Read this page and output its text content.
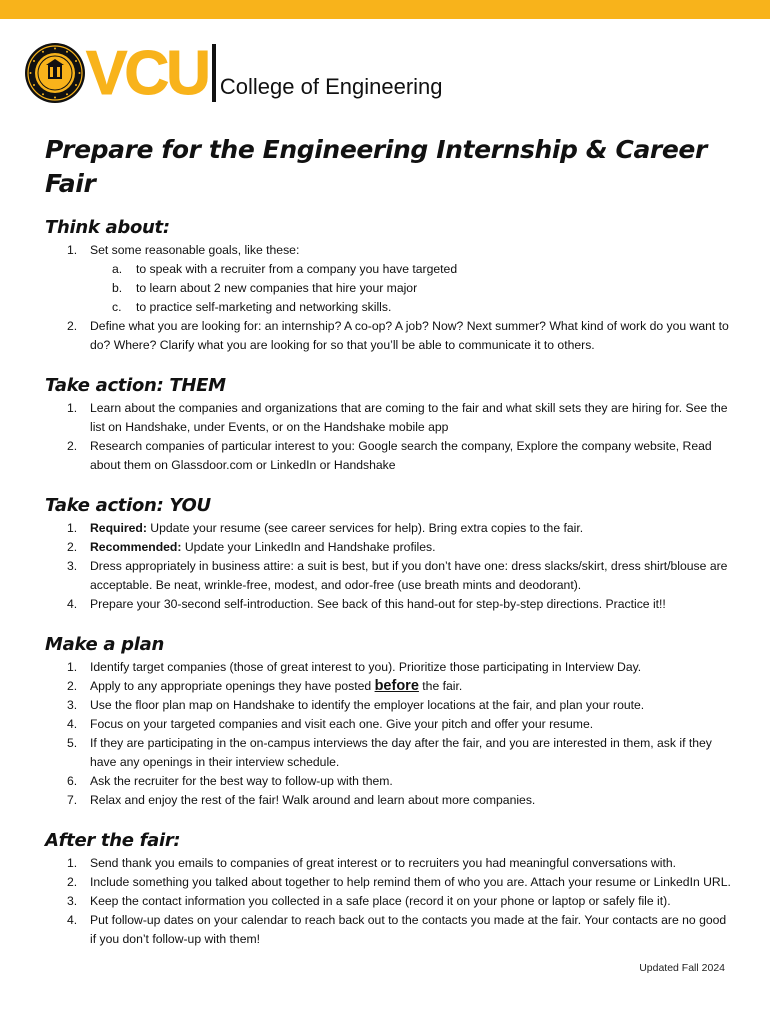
VCU College of Engineering
Prepare for the Engineering Internship & Career Fair
Think about:
1. Set some reasonable goals, like these:
a. to speak with a recruiter from a company you have targeted
b. to learn about 2 new companies that hire your major
c. to practice self-marketing and networking skills.
2. Define what you are looking for: an internship? A co-op? A job? Now? Next summer? What kind of work do you want to do? Where? Clarify what you are looking for so that you’ll be able to communicate it to others.
Take action: THEM
1. Learn about the companies and organizations that are coming to the fair and what skill sets they are hiring for. See the list on Handshake, under Events, or on the Handshake mobile app
2. Research companies of particular interest to you: Google search the company, Explore the company website, Read about them on Glassdoor.com or LinkedIn or Handshake
Take action: YOU
1. Required: Update your resume (see career services for help). Bring extra copies to the fair.
2. Recommended: Update your LinkedIn and Handshake profiles.
3. Dress appropriately in business attire: a suit is best, but if you don’t have one: dress slacks/skirt, dress shirt/blouse are acceptable. Be neat, wrinkle-free, modest, and odor-free (use breath mints and deodorant).
4. Prepare your 30-second self-introduction. See back of this hand-out for step-by-step directions. Practice it!!
Make a plan
1. Identify target companies (those of great interest to you). Prioritize those participating in Interview Day.
2. Apply to any appropriate openings they have posted before the fair.
3. Use the floor plan map on Handshake to identify the employer locations at the fair, and plan your route.
4. Focus on your targeted companies and visit each one. Give your pitch and offer your resume.
5. If they are participating in the on-campus interviews the day after the fair, and you are interested in them, ask if they have any openings in their interview schedule.
6. Ask the recruiter for the best way to follow-up with them.
7. Relax and enjoy the rest of the fair! Walk around and learn about more companies.
After the fair:
1. Send thank you emails to companies of great interest or to recruiters you had meaningful conversations with.
2. Include something you talked about together to help remind them of who you are. Attach your resume or LinkedIn URL.
3. Keep the contact information you collected in a safe place (record it on your phone or laptop or safely file it).
4. Put follow-up dates on your calendar to reach back out to the contacts you made at the fair. Your contacts are no good if you don’t follow-up with them!
Updated Fall 2024
